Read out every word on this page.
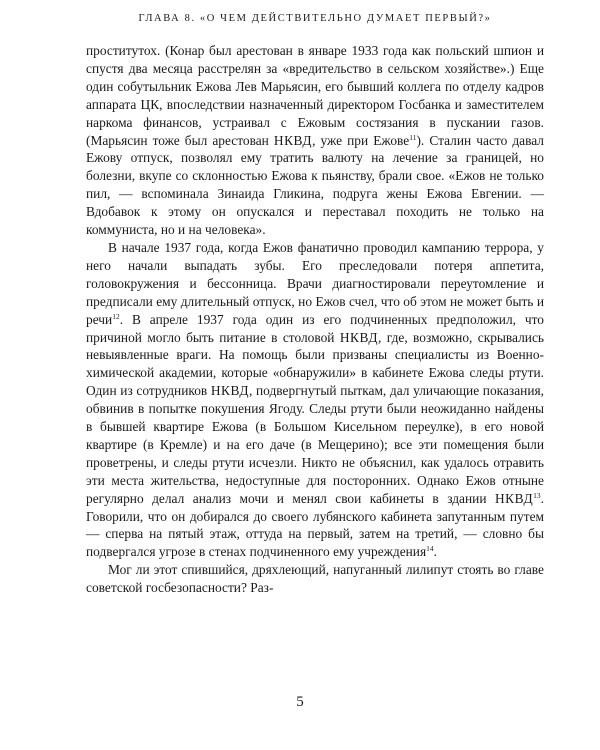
ГЛАВА 8. «О ЧЕМ ДЕЙСТВИТЕЛЬНО ДУМАЕТ ПЕРВЫЙ?»

проститутох. (Конар был арестован в январе 1933 года как польский шпион и спустя два месяца расстрелян за «вредительство в сельском хозяйстве».) Еще один собутыльник Ежова Лев Марьясин, его бывший коллега по отделу кадров аппарата ЦК, впоследствии назначенный директором Госбанка и заместителем наркома финансов, устраивал с Ежовым состязания в пускании газов. (Марьясин тоже был арестован НКВД, уже при Ежове$^{11}$). Сталин часто давал Ежову отпуск, позволял ему тратить валюту на лечение за границей, но болезни, вкупе со склонностью Ежова к пьянству, брали свое. «Ежов не только пил, — вспоминала Зинаида Гликина, подруга жены Ежова Евгении. — Вдобавок к этому он опускался и переставал походить не только на коммуниста, но и на человека».

В начале 1937 года, когда Ежов фанатично проводил кампанию террора, у него начали выпадать зубы. Его преследовали потеря аппетита, головокружения и бессонница. Врачи диагностировали переутомление и предписали ему длительный отпуск, но Ежов счел, что об этом не может быть и речи$^{12}$. В апреле 1937 года один из его подчиненных предположил, что причиной могло быть питание в столовой НКВД, где, возможно, скрывались невыявленные враги. На помощь были призваны специалисты из Военно-химической академии, которые «обнаружили» в кабинете Ежова следы ртути. Один из сотрудников НКВД, подвергнутый пыткам, дал уличающие показания, обвинив в попытке покушения Ягоду. Следы ртути были неожиданно найдены в бывшей квартире Ежова (в Большом Кисельном переулке), в его новой квартире (в Кремле) и на его даче (в Мещерино); все эти помещения были проветрены, и следы ртути исчезли. Никто не объяснил, как удалось отравить эти места жительства, недоступные для посторонних. Однако Ежов отныне регулярно делал анализ мочи и менял свои кабинеты в здании НКВД$^{13}$. Говорили, что он добирался до своего лубянского кабинета запутанным путем — сперва на пятый этаж, оттуда на первый, затем на третий, — словно бы подвергался угрозе в стенах подчиненного ему учреждения$^{14}$.

Мог ли этот спившийся, дряхлеющий, напуганный лилипут стоять во главе советской госбезопасности? Раз-

5
